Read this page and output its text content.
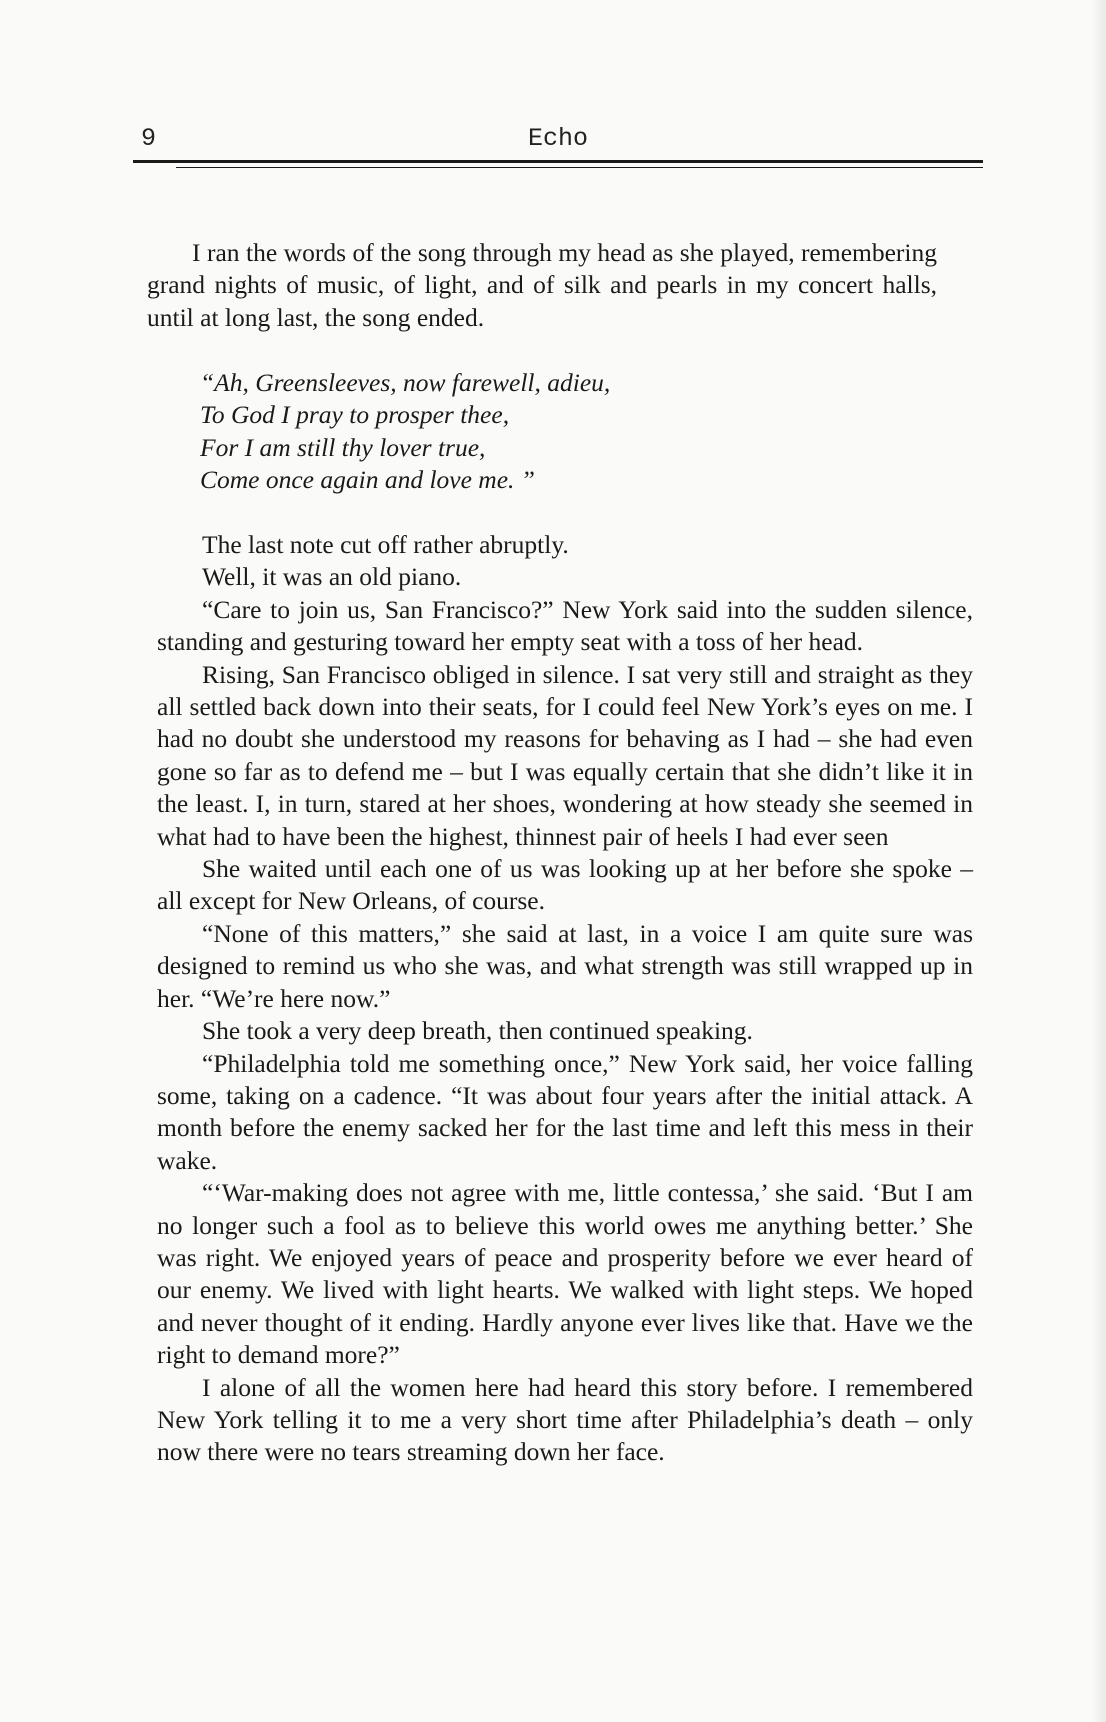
9	Echo

I ran the words of the song through my head as she played, remembering grand nights of music, of light, and of silk and pearls in my concert halls, until at long last, the song ended.

“Ah, Greensleeves, now farewell, adieu,
To God I pray to prosper thee,
For I am still thy lover true,
Come once again and love me. ”

The last note cut off rather abruptly.

Well, it was an old piano.

“Care to join us, San Francisco?” New York said into the sudden silence, standing and gesturing toward her empty seat with a toss of her head.

Rising, San Francisco obliged in silence. I sat very still and straight as they all settled back down into their seats, for I could feel New York’s eyes on me. I had no doubt she understood my reasons for behaving as I had – she had even gone so far as to defend me – but I was equally certain that she didn’t like it in the least. I, in turn, stared at her shoes, wondering at how steady she seemed in what had to have been the highest, thinnest pair of heels I had ever seen

She waited until each one of us was looking up at her before she spoke – all except for New Orleans, of course.

“None of this matters,” she said at last, in a voice I am quite sure was designed to remind us who she was, and what strength was still wrapped up in her. “We’re here now.”

She took a very deep breath, then continued speaking.

“Philadelphia told me something once,” New York said, her voice falling some, taking on a cadence. “It was about four years after the initial attack. A month before the enemy sacked her for the last time and left this mess in their wake.

“‘War-making does not agree with me, little contessa,’ she said. ‘But I am no longer such a fool as to believe this world owes me anything better.’ She was right. We enjoyed years of peace and prosperity before we ever heard of our enemy. We lived with light hearts. We walked with light steps. We hoped and never thought of it ending. Hardly anyone ever lives like that. Have we the right to demand more?”

I alone of all the women here had heard this story before. I remembered New York telling it to me a very short time after Philadelphia’s death – only now there were no tears streaming down her face.
